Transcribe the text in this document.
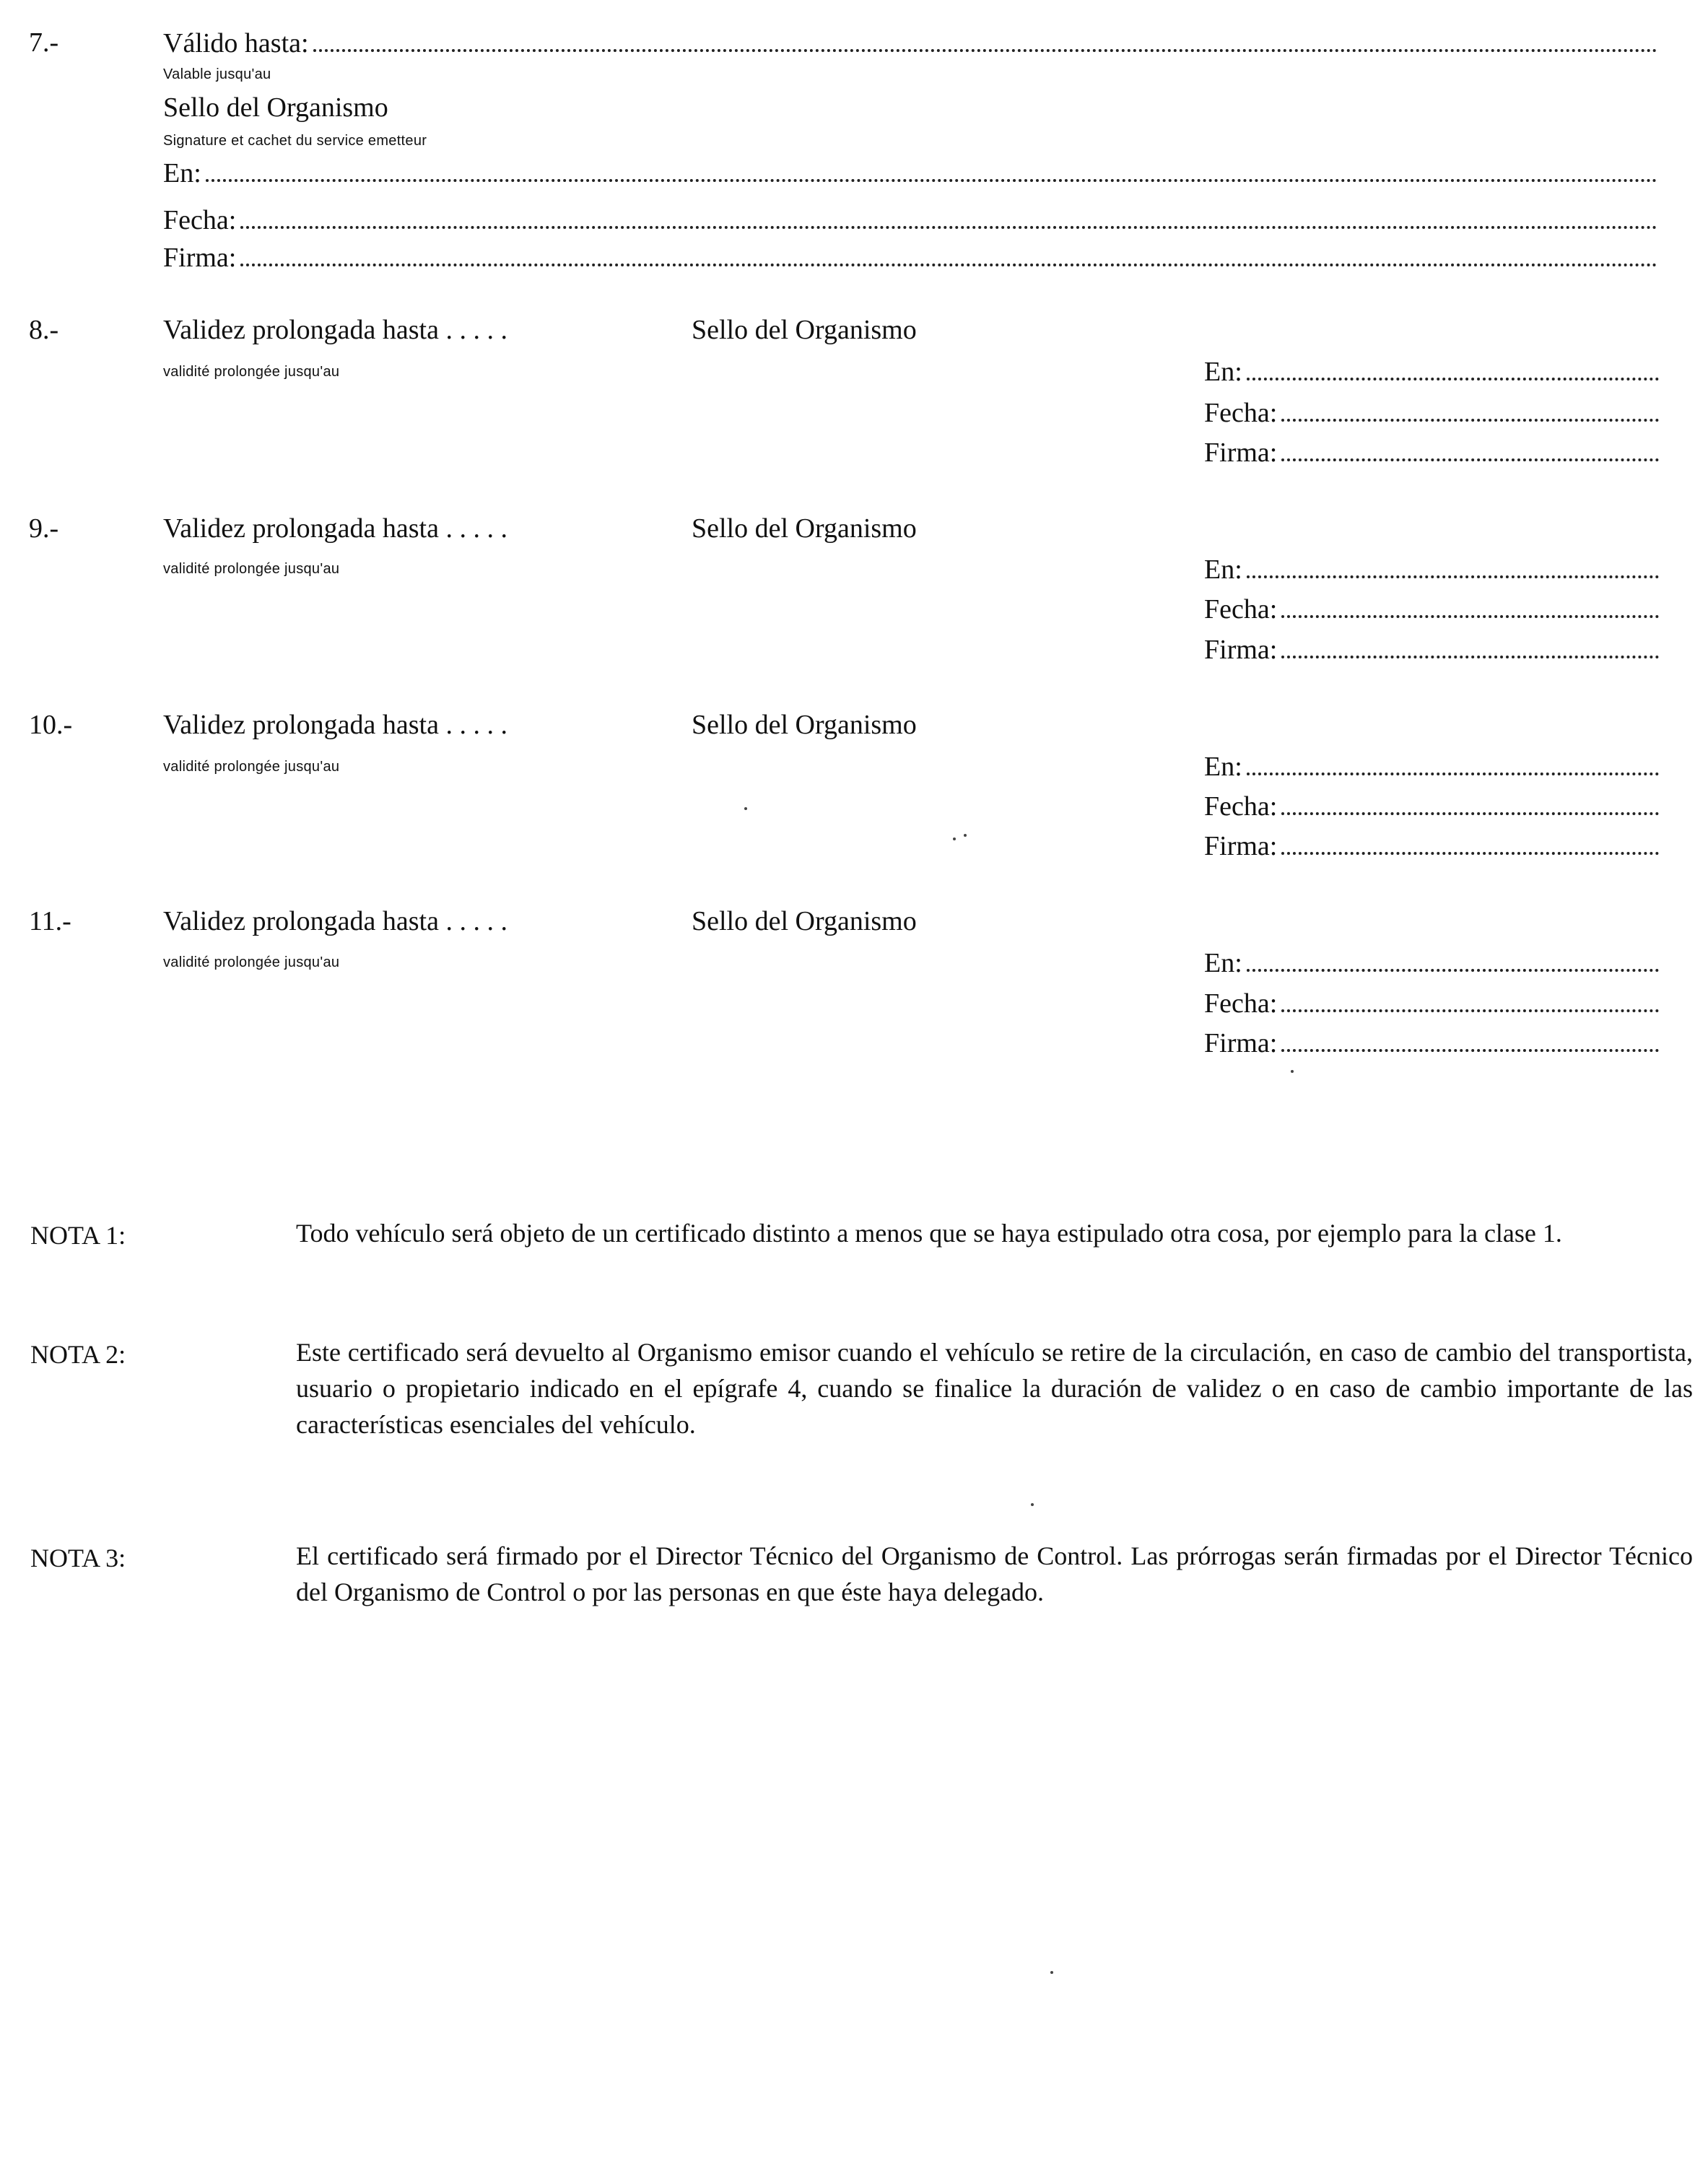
7.-	Válido hasta:
Valable jusqu'au
Sello del Organismo
Signature et cachet du service emetteur
En:
Fecha:
Firma:
8.-	Validez prolongada hasta . . . . .
validité prolongée jusqu'au
Sello del Organismo
En:
Fecha:
Firma:
9.-	Validez prolongada hasta . . . . .
validité prolongée jusqu'au
Sello del Organismo
En:
Fecha:
Firma:
10.-	Validez prolongada hasta . . . . .
validité prolongée jusqu'au
Sello del Organismo
En:
Fecha:
Firma:
11.-	Validez prolongada hasta . . . . .
validité prolongée jusqu'au
Sello del Organismo
En:
Fecha:
Firma:
NOTA 1:	Todo vehículo será objeto de un certificado distinto a menos que se haya estipulado otra cosa, por ejemplo para la clase 1.
NOTA 2:	Este certificado será devuelto al Organismo emisor cuando el vehículo se retire de la circulación, en caso de cambio del transportista, usuario o propietario indicado en el epígrafe 4, cuando se finalice la duración de validez o en caso de cambio importante de las características esenciales del vehículo.
NOTA 3:	El certificado será firmado por el Director Técnico del Organismo de Control. Las prórrogas serán firmadas por el Director Técnico del Organismo de Control o por las personas en que éste haya delegado.
